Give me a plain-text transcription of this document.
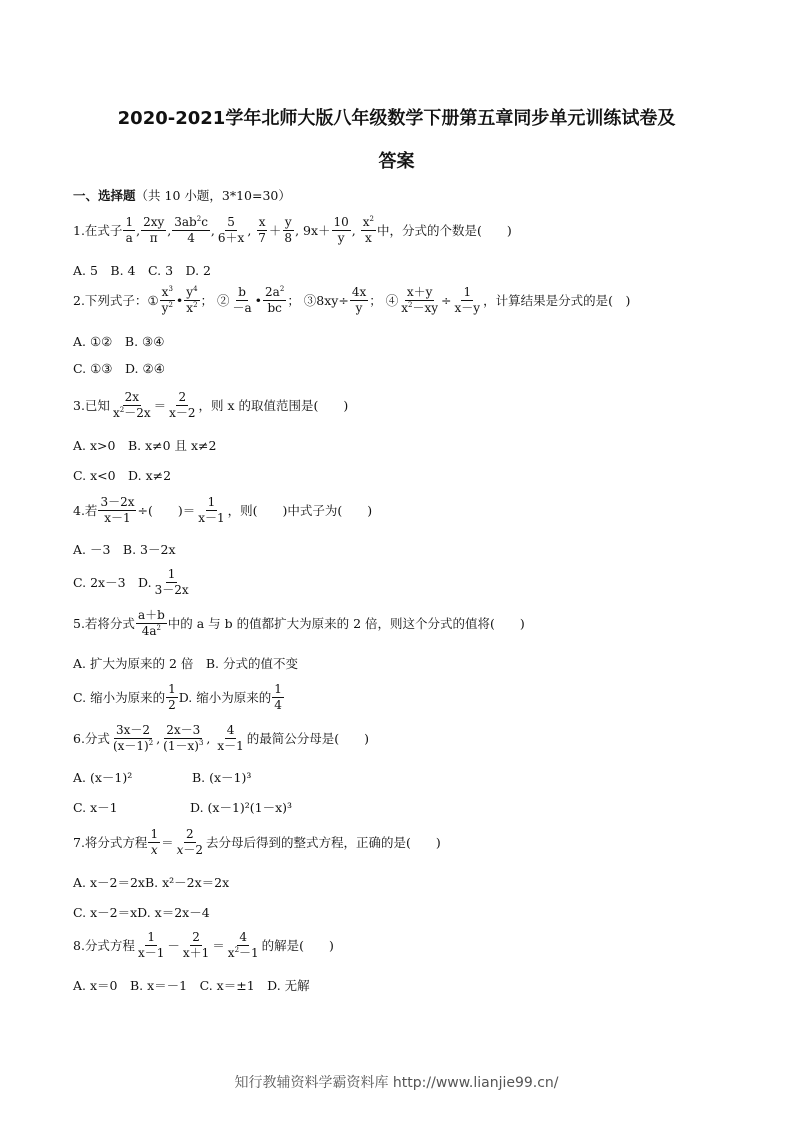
2020-2021学年北师大版八年级数学下册第五章同步单元训练试卷及
答案
一、选择题（共 10 小题，3*10=30）
1.在式子 $\frac{1}{a}$ , $\frac{2xy}{\pi}$ , $\frac{3ab^2c}{4}$ , $\frac{5}{6+x}$ , $\frac{x}{7} + \frac{y}{8}$ , $9x+ \frac{10}{y}$ , $\frac{x^2}{x}$ 中，分式的个数是(　　)
A. 5　B. 4　C. 3　D. 2
2.下列式子： ① $\frac{x^3}{y^2}$ • $\frac{y^4}{x^2}$ ； ② $\frac{b}{-a}$ • $\frac{2a^2}{bc}$ ； ③8xy÷ $\frac{4x}{y}$ ； ④ $\frac{x+y}{x^2-xy} \div \frac{1}{x-y}$ ，计算结果是分式的是(　)
A. ①②　B. ③④
C. ①③　D. ②④
3.已知 $\frac{2x}{x^2-2x} = \frac{2}{x-2}$ ，则 x 的取值范围是(　　)
A. x>0　B. x≠0 且 x≠2
C. x<0　D. x≠2
4.若 $\frac{3-2x}{x-1}$ ÷(　　)＝ $\frac{1}{x-1}$ ，则(　　)中式子为(　　)
A. －3　B. 3－2x
C. 2x－3　D. $\frac{1}{3-2x}$
5.若将分式 $\frac{a+b}{4a^2}$ 中的 a 与 b 的值都扩大为原来的 2 倍，则这个分式的值将(　　)
A. 扩大为原来的 2 倍　B. 分式的值不变
C. 缩小为原来的 $\frac{1}{2} D$. 缩小为原来的 $\frac{1}{4}$
6.分式 $\frac{3x-2}{(x-1)^2}$ , $\frac{2x-3}{(1-x)^3}$ , $\frac{4}{x-1}$ 的最简公分母是(　　)
A. (x－1)²	B. (x－1)³
C. x－1	D. (x－1)²(1－x)³
7.将分式方程 $\frac{1}{x} = \frac{2}{x-2}$ 去分母后得到的整式方程，正确的是(　　)
A. x－2＝2xB. x²－2x＝2x
C. x－2＝xD. x＝2x－4
8.分式方程 $\frac{1}{x-1} - \frac{2}{x+1} = \frac{4}{x^2-1}$ 的解是(　　)
A. x＝0　B. x＝－1　C. x＝±1　D. 无解
知行教辅资料学霸资料库 http://www.lianjie99.cn/
